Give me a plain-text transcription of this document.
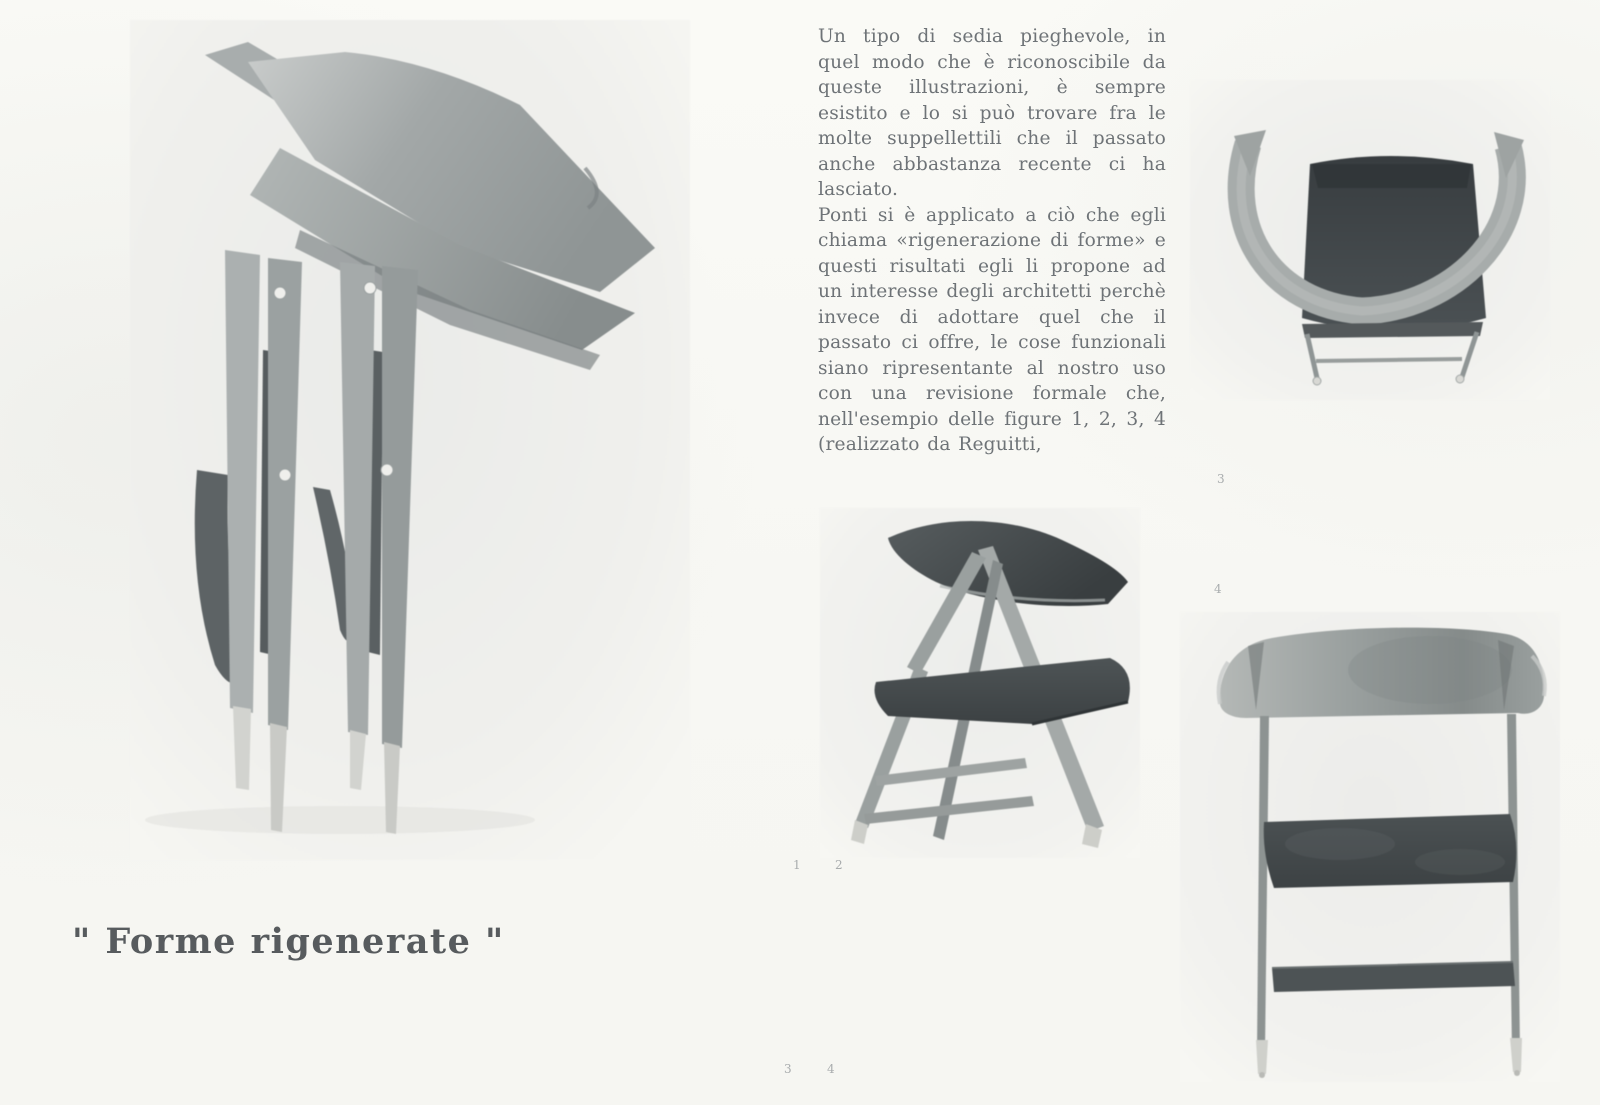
Un tipo di sedia pieghevole, in quel modo che è riconoscibile da queste illustrazioni, è sempre esistito e lo si può trovare fra le molte suppellettili che il passato anche abbastanza recente ci ha lasciato.

Ponti si è applicato a ciò che egli chiama «rigenerazione di forme» e questi risultati egli li propone ad un interesse degli architetti perchè invece di adottare quel che il passato ci offre, le cose funzionali siano ripresentante al nostro uso con una revisione formale che, nell'esempio delle figure 1, 2, 3, 4 (realizzato da Reguitti,

" Forme rigenerate "
1	2
3
4
3	4
